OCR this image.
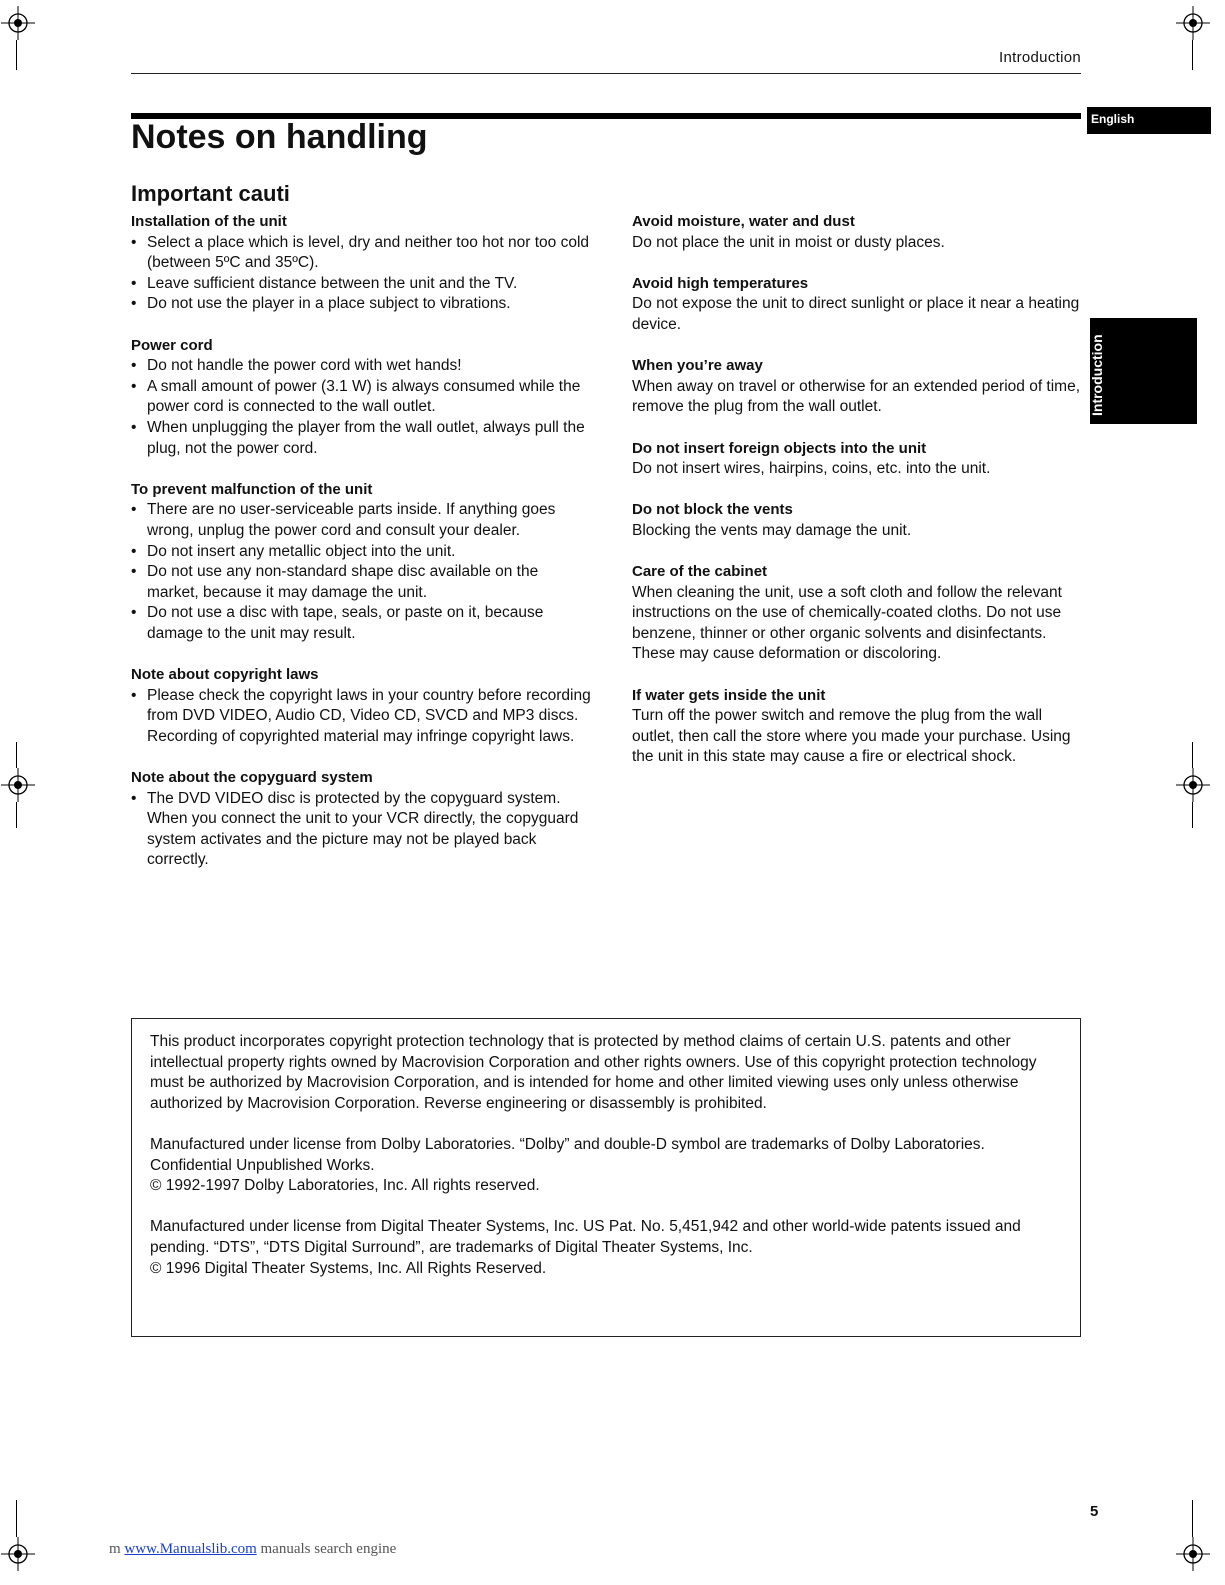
Introduction
Notes on handling	English
Introduction
Important cauti
Installation of the unit
• Select a place which is level, dry and neither too hot nor too cold (between 5ºC and 35ºC).
• Leave sufficient distance between the unit and the TV.
• Do not use the player in a place subject to vibrations.
Power cord
• Do not handle the power cord with wet hands!
• A small amount of power (3.1 W) is always consumed while the power cord is connected to the wall outlet.
• When unplugging the player from the wall outlet, always pull the plug, not the power cord.
To prevent malfunction of the unit
• There are no user-serviceable parts inside. If anything goes wrong, unplug the power cord and consult your dealer.
• Do not insert any metallic object into the unit.
• Do not use any non-standard shape disc available on the market, because it may damage the unit.
• Do not use a disc with tape, seals, or paste on it, because damage to the unit may result.
Note about copyright laws
• Please check the copyright laws in your country before recording from DVD VIDEO, Audio CD, Video CD, SVCD and MP3 discs. Recording of copyrighted material may infringe copyright laws.
Note about the copyguard system
• The DVD VIDEO disc is protected by the copyguard system. When you connect the unit to your VCR directly, the copyguard system activates and the picture may not be played back correctly.
Avoid moisture, water and dust

Do not place the unit in moist or dusty places.

Avoid high temperatures

Do not expose the unit to direct sunlight or place it near a heating device.

When you’re away

When away on travel or otherwise for an extended period of time, remove the plug from the wall outlet.

Do not insert foreign objects into the unit

Do not insert wires, hairpins, coins, etc. into the unit.

Do not block the vents

Blocking the vents may damage the unit.

Care of the cabinet

When cleaning the unit, use a soft cloth and follow the relevant instructions on the use of chemically-coated cloths. Do not use benzene, thinner or other organic solvents and disinfectants. These may cause deformation or discoloring.

If water gets inside the unit

Turn off the power switch and remove the plug from the wall outlet, then call the store where you made your purchase. Using the unit in this state may cause a fire or electrical shock.

This product incorporates copyright protection technology that is protected by method claims of certain U.S. patents and other intellectual property rights owned by Macrovision Corporation and other rights owners. Use of this copyright protection technology must be authorized by Macrovision Corporation, and is intended for home and other limited viewing uses only unless otherwise authorized by Macrovision Corporation. Reverse engineering or disassembly is prohibited.

Manufactured under license from Dolby Laboratories. “Dolby” and double-D symbol are trademarks of Dolby Laboratories.
Confidential Unpublished Works.
© 1992-1997 Dolby Laboratories, Inc. All rights reserved.

Manufactured under license from Digital Theater Systems, Inc. US Pat. No. 5,451,942 and other world-wide patents issued and pending. “DTS”, “DTS Digital Surround”, are trademarks of Digital Theater Systems, Inc.
© 1996 Digital Theater Systems, Inc. All Rights Reserved.

5
m www.Manualslib.com manuals search engine
